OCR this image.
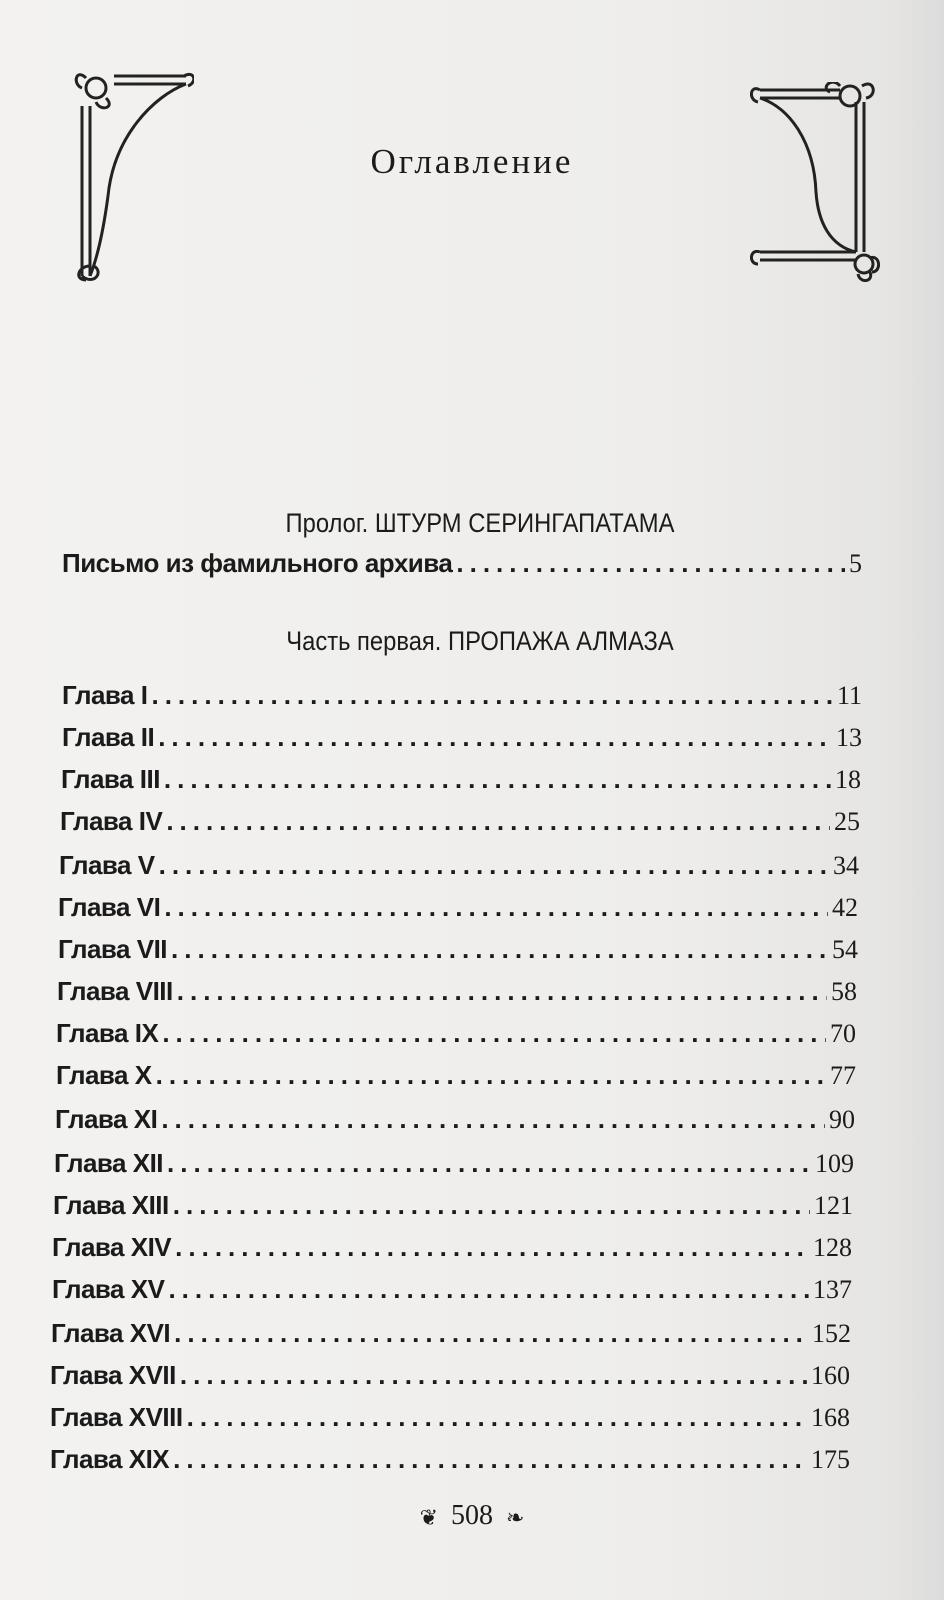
Оглавление
Пролог. ШТУРМ СЕРИНГАПАТАМА
Письмо из фамильного архива .....	5
Часть первая. ПРОПАЖА АЛМАЗА
Глава I .....	11
Глава II .....	13
Глава III .....	18
Глава IV .....	25
Глава V .....	34
Глава VI .....	42
Глава VII .....	54
Глава VIII .....	58
Глава IX .....	70
Глава X .....	77
Глава XI .....	90
Глава XII .....	109
Глава XIII .....	121
Глава XIV .....	128
Глава XV .....	137
Глава XVI .....	152
Глава XVII .....	160
Глава XVIII .....	168
Глава XIX .....	175
❦ 508 ❧
